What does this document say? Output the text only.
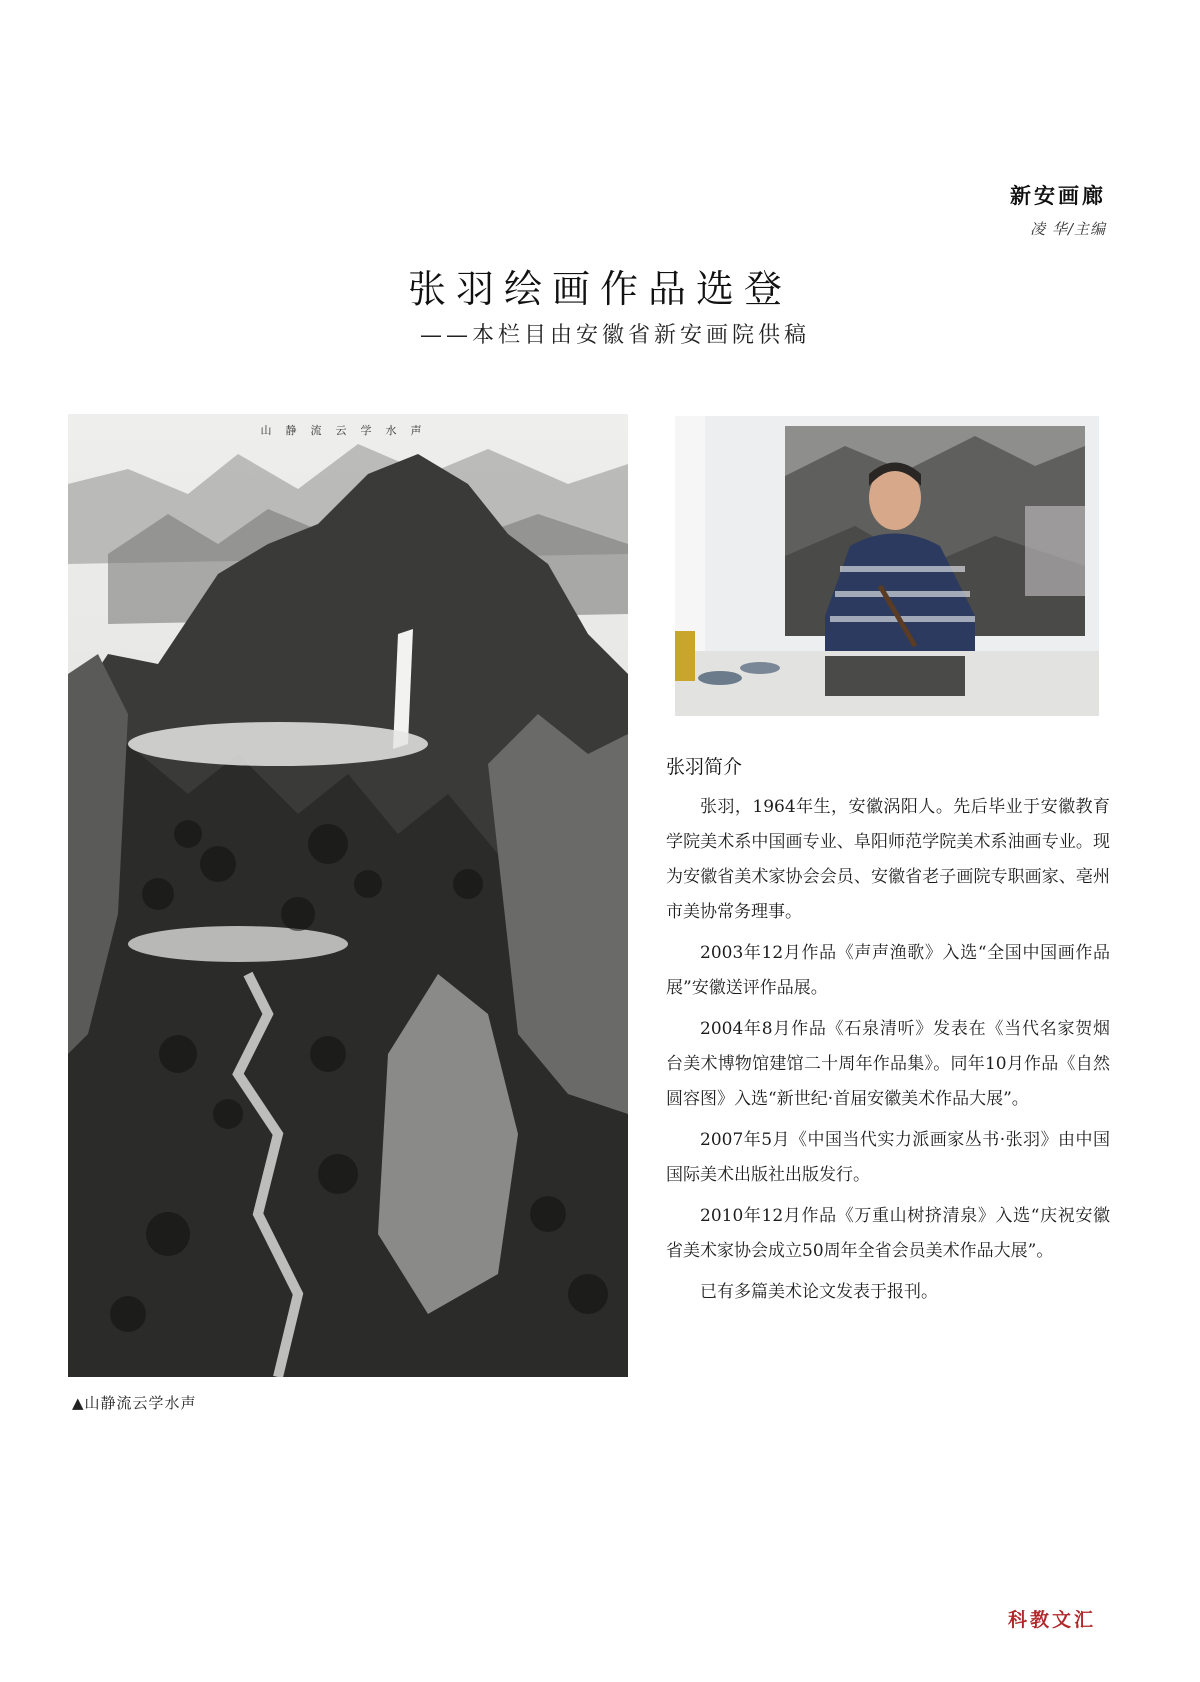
新安画廊
凌 华/主编
张羽绘画作品选登
——本栏目由安徽省新安画院供稿
山静流云学水声
▲山静流云学水声
张羽简介

张羽，1964年生，安徽涡阳人。先后毕业于安徽教育学院美术系中国画专业、阜阳师范学院美术系油画专业。现为安徽省美术家协会会员、安徽省老子画院专职画家、亳州市美协常务理事。

2003年12月作品《声声渔歌》入选“全国中国画作品展”安徽送评作品展。

2004年8月作品《石泉清听》发表在《当代名家贺烟台美术博物馆建馆二十周年作品集》。同年10月作品《自然圆容图》入选“新世纪·首届安徽美术作品大展”。

2007年5月《中国当代实力派画家丛书·张羽》由中国国际美术出版社出版发行。

2010年12月作品《万重山树挤清泉》入选“庆祝安徽省美术家协会成立50周年全省会员美术作品大展”。

已有多篇美术论文发表于报刊。

科教文汇
